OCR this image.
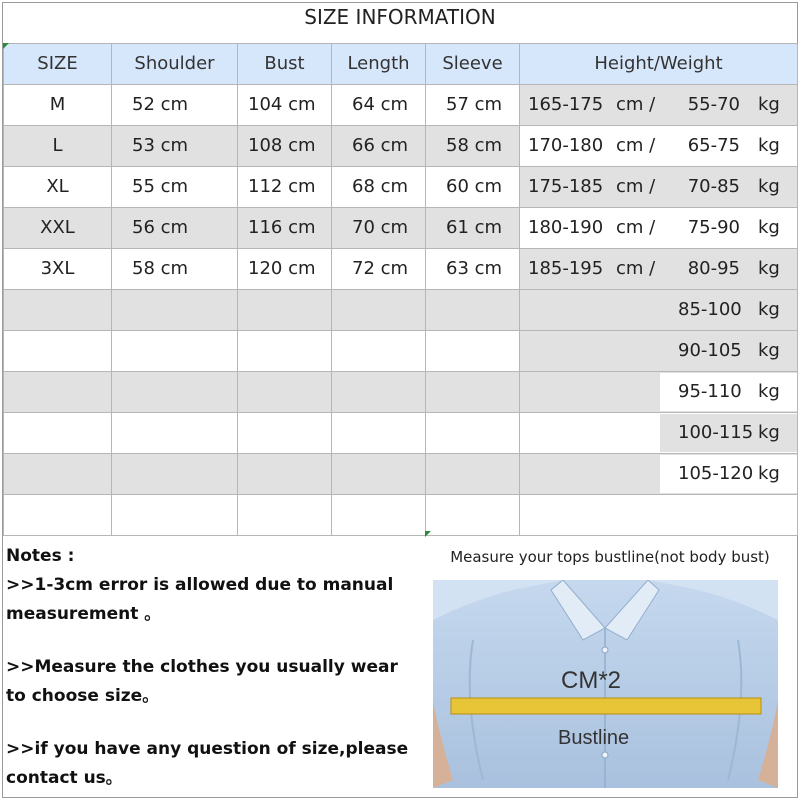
SIZE INFORMATION
SIZE	Shoulder	Bust	Length	Sleeve	Height/Weight
M	52 cm	104 cm	64 cm	57 cm	165-175 cm / 55-70 kg

L	53 cm	108 cm	66 cm	58 cm	170-180 cm / 65-75 kg

XL	55 cm	112 cm	68 cm	60 cm	175-185 cm / 70-85 kg

XXL	56 cm	116 cm	70 cm	61 cm	180-190 cm / 75-90 kg

3XL	58 cm	120 cm	72 cm	63 cm	185-195 cm / 80-95 kg

					85-100 kg

					90-105 kg

					95-110 kg

					100-115 kg

					105-120 kg

Notes :

>>1-3cm error is allowed due to manual measurement 。

>>Measure the clothes you usually wear to choose size。

>>if you have any question of size,please contact us。

Measure your tops bustline(not body bust)
CM*2
Bustline
